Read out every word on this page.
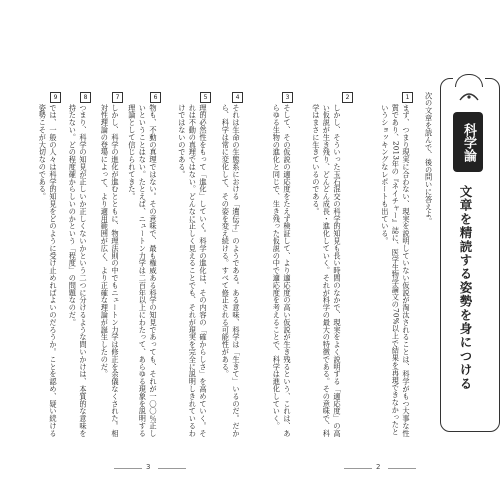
科学論
文章を精読する姿勢を身につける
次の文章を読んで、後の問いに答えよ。
1
まず、つまり現実に合わない、現実を説明していない仮説が淘汰されることは、科学がもつ大事な性質であり、2013年の『ネイチャー』誌に、医学生物学論文の70%以上で結果を再現できなかったというショッキングなレポートも出ている。
2
しかし、そういった玉石混交の科学的知見も長い時間のなかで、現実をよく説明する「適応度」の高い仮説が生き残り、どんどん成長・進化していく。それが科学の最大の特徴である。その意味で、科学はまさに生きているのである。
3
そして、その仮説の適応度をたえず検証して、より適応度の高い仮説が生き残るという、これは、あらゆる生物の進化と同じで、生き残った仮説の中で適応度を考えることで、科学は進化していく。
4
それは生命の生態系における「遺伝子」のようである。ある意味、科学は「生きて」いるのだ。だから、科学は常に変化して、その姿を変え続ける。すべて修正される可能性がある。
5
理的必然性をもって「進化」していく。科学の進化は、その内容の「確からしさ」を高めていく。それは不動の真理ではない。どんなに正しく見えることでも、それが現実を完全に説明しきれているわけではないのである。
6
物も、不動の真理ではない。その意味で、最も権威ある科学の知見であっても、それが一〇〇％正しいということはない。たとえば、ニュートン力学は二百年以上にわたって、あらゆる現象を説明する理論として信じられてきた。
7
しかし、科学の進化が進むとともに、物理法則の中でもニュートン力学は修正を余儀なくされた。相対性理論の登場によって、より適用範囲が広く、より正確な理論が誕生したのだ。
8
つまり、科学の知見が正しいか正しくないかという二つに分けるような問いかけは、本質的な意味を持たない。どの程度確からしいのかという「程度」の問題なのだ。
9
では、一般の人々は科学的知見をどのように受け止めればよいのだろうか。ことを認め、疑い続ける姿勢こそが大切なのである。
3	2
